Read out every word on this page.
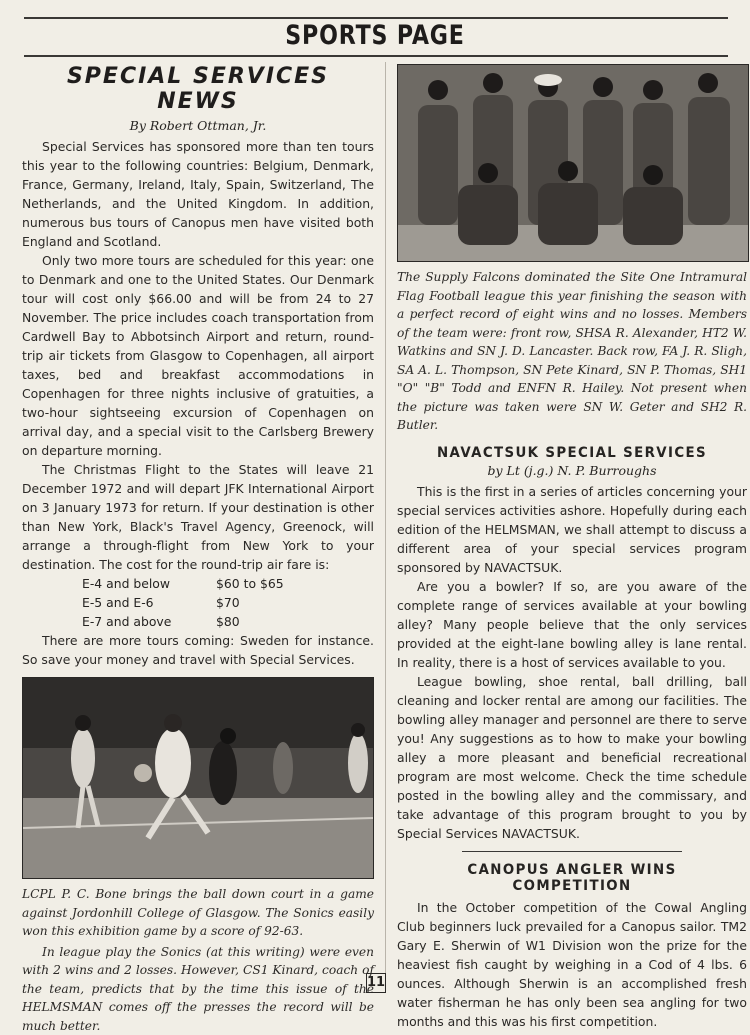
SPORTS PAGE
SPECIAL SERVICES NEWS
By Robert Ottman, Jr.

Special Services has sponsored more than ten tours this year to the following countries: Belgium, Denmark, France, Germany, Ireland, Italy, Spain, Switzerland, The Netherlands, and the United Kingdom. In addition, numerous bus tours of Canopus men have visited both England and Scotland.

Only two more tours are scheduled for this year: one to Denmark and one to the United States. Our Denmark tour will cost only $66.00 and will be from 24 to 27 November. The price includes coach transportation from Cardwell Bay to Abbotsinch Airport and return, round-trip air tickets from Glasgow to Copenhagen, all airport taxes, bed and breakfast accommodations in Copenhagen for three nights inclusive of gratuities, a two-hour sightseeing excursion of Copenhagen on arrival day, and a special visit to the Carlsberg Brewery on departure morning.

The Christmas Flight to the States will leave 21 December 1972 and will depart JFK International Airport on 3 January 1973 for return. If your destination is other than New York, Black's Travel Agency, Greenock, will arrange a through-flight from New York to your destination. The cost for the round-trip air fare is:

E-4 and below	$60 to $65
E-5 and E-6	$70
E-7 and above	$80

There are more tours coming: Sweden for instance. So save your money and travel with Special Services.

LCPL P. C. Bone brings the ball down court in a game against Jordonhill College of Glasgow. The Sonics easily won this exhibition game by a score of 92-63.

In league play the Sonics (at this writing) were even with 2 wins and 2 losses. However, CS1 Kinard, coach of the team, predicts that by the time this issue of the HELMSMAN comes off the presses the record will be much better.

The Supply Falcons dominated the Site One Intramural Flag Football league this year finishing the season with a perfect record of eight wins and no losses. Members of the team were: front row, SHSA R. Alexander, HT2 W. Watkins and SN J. D. Lancaster. Back row, FA J. R. Sligh, SA A. L. Thompson, SN Pete Kinard, SN P. Thomas, SH1 "O" "B" Todd and ENFN R. Hailey. Not present when the picture was taken were SN W. Geter and SH2 R. Butler.

NAVACTSUK SPECIAL SERVICES
by Lt (j.g.) N. P. Burroughs

This is the first in a series of articles concerning your special services activities ashore. Hopefully during each edition of the HELMSMAN, we shall attempt to discuss a different area of your special services program sponsored by NAVACTSUK.

Are you a bowler? If so, are you aware of the complete range of services available at your bowling alley? Many people believe that the only services provided at the eight-lane bowling alley is lane rental. In reality, there is a host of services available to you.

League bowling, shoe rental, ball drilling, ball cleaning and locker rental are among our facilities. The bowling alley manager and personnel are there to serve you! Any suggestions as to how to make your bowling alley a more pleasant and beneficial recreational program are most welcome. Check the time schedule posted in the bowling alley and the commissary, and take advantage of this program brought to you by Special Services NAVACTSUK.

CANOPUS ANGLER WINS COMPETITION

In the October competition of the Cowal Angling Club beginners luck prevailed for a Canopus sailor. TM2 Gary E. Sherwin of W1 Division won the prize for the heaviest fish caught by weighing in a Cod of 4 lbs. 6 ounces. Although Sherwin is an accomplished fresh water fisherman he has only been sea angling for two months and this was his first competition.

11
